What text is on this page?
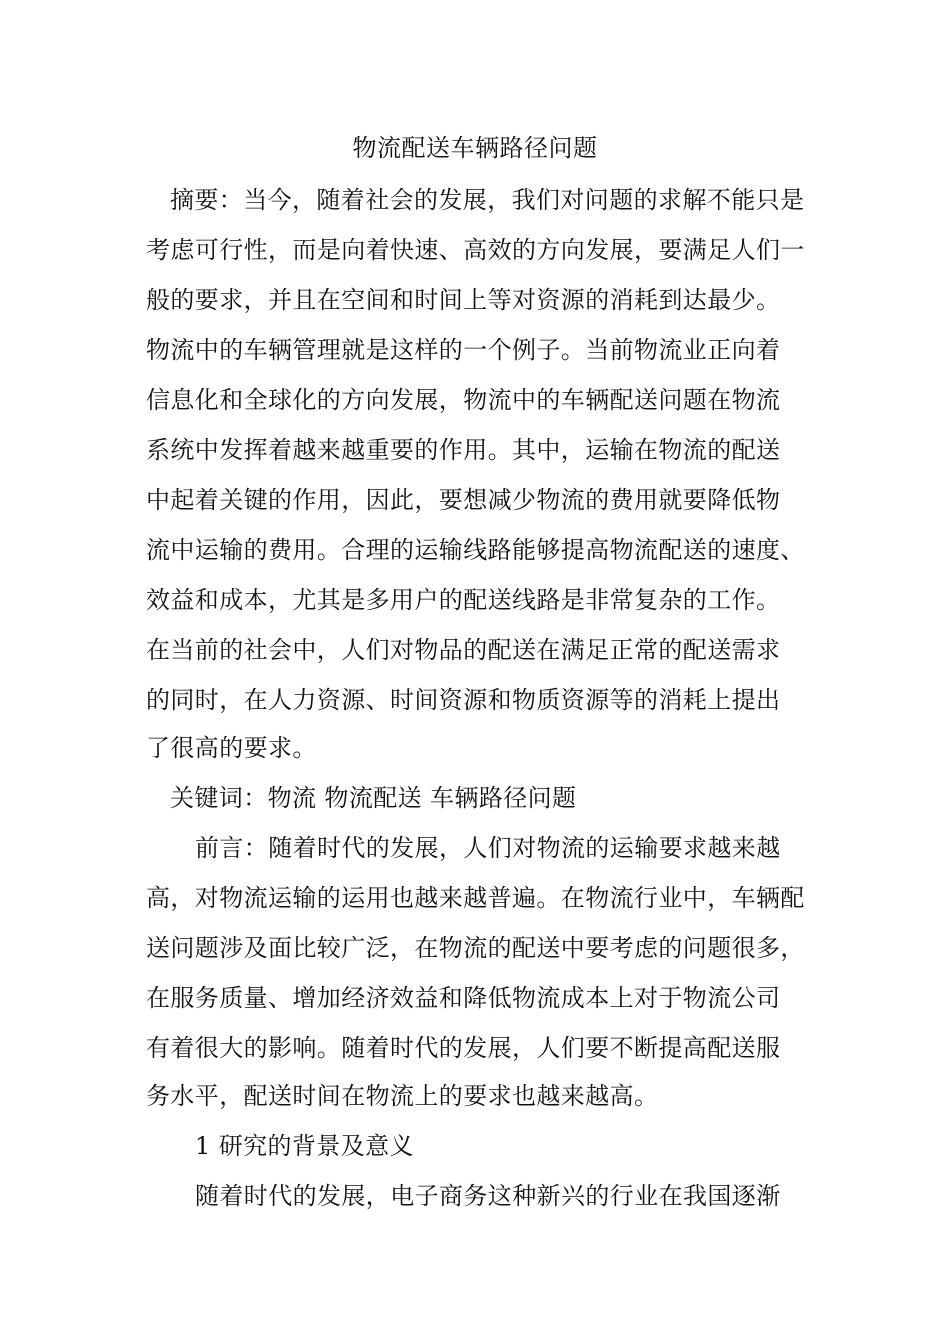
物流配送车辆路径问题
摘要：当今，随着社会的发展，我们对问题的求解不能只是
考虑可行性，而是向着快速、高效的方向发展，要满足人们一
般的要求，并且在空间和时间上等对资源的消耗到达最少。
物流中的车辆管理就是这样的一个例子。当前物流业正向着
信息化和全球化的方向发展，物流中的车辆配送问题在物流
系统中发挥着越来越重要的作用。其中，运输在物流的配送
中起着关键的作用，因此，要想减少物流的费用就要降低物
流中运输的费用。合理的运输线路能够提高物流配送的速度、
效益和成本，尤其是多用户的配送线路是非常复杂的工作。
在当前的社会中，人们对物品的配送在满足正常的配送需求
的同时，在人力资源、时间资源和物质资源等的消耗上提出
了很高的要求。
关键词：物流 物流配送 车辆路径问题
前言：随着时代的发展，人们对物流的运输要求越来越
高，对物流运输的运用也越来越普遍。在物流行业中，车辆配
送问题涉及面比较广泛，在物流的配送中要考虑的问题很多，
在服务质量、增加经济效益和降低物流成本上对于物流公司
有着很大的影响。随着时代的发展，人们要不断提高配送服
务水平，配送时间在物流上的要求也越来越高。
1 研究的背景及意义
随着时代的发展，电子商务这种新兴的行业在我国逐渐
